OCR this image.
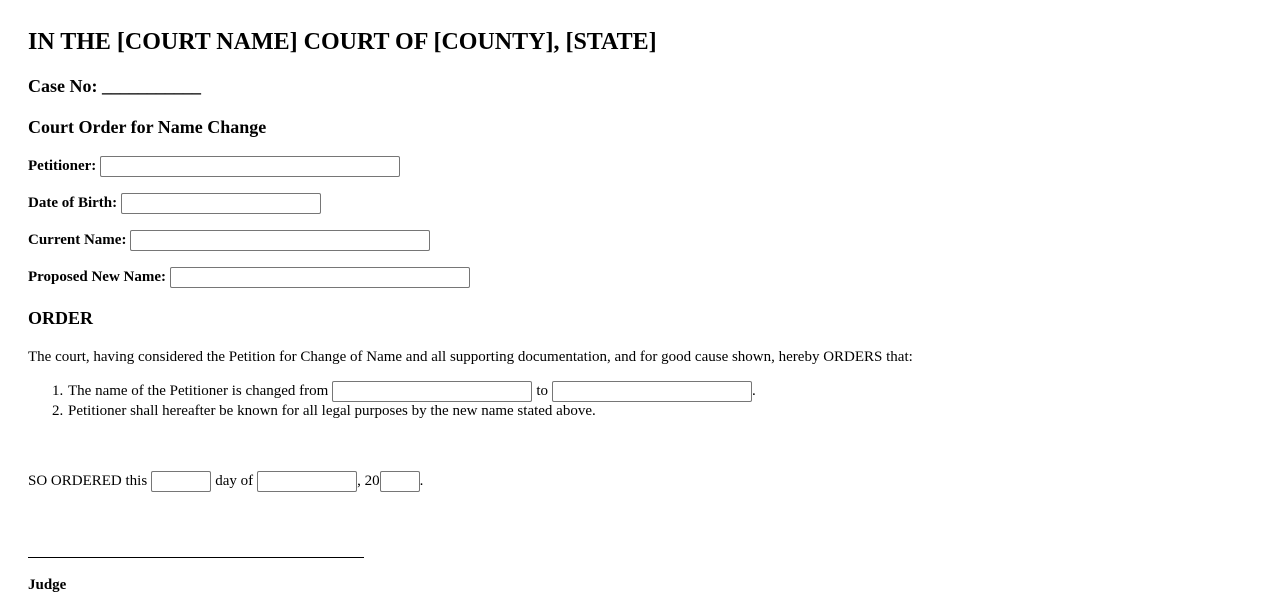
IN THE [COURT NAME] COURT OF [COUNTY], [STATE]
Case No: ___________
Court Order for Name Change
Petitioner:
Date of Birth:
Current Name:
Proposed New Name:
ORDER

The court, having considered the Petition for Change of Name and all supporting documentation, and for good cause shown, hereby ORDERS that:

1. The name of the Petitioner is changed from	to	.
2. Petitioner shall hereafter be known for all legal purposes by the new name stated above.
SO ORDERED this	day of	, 20	.

Judge
